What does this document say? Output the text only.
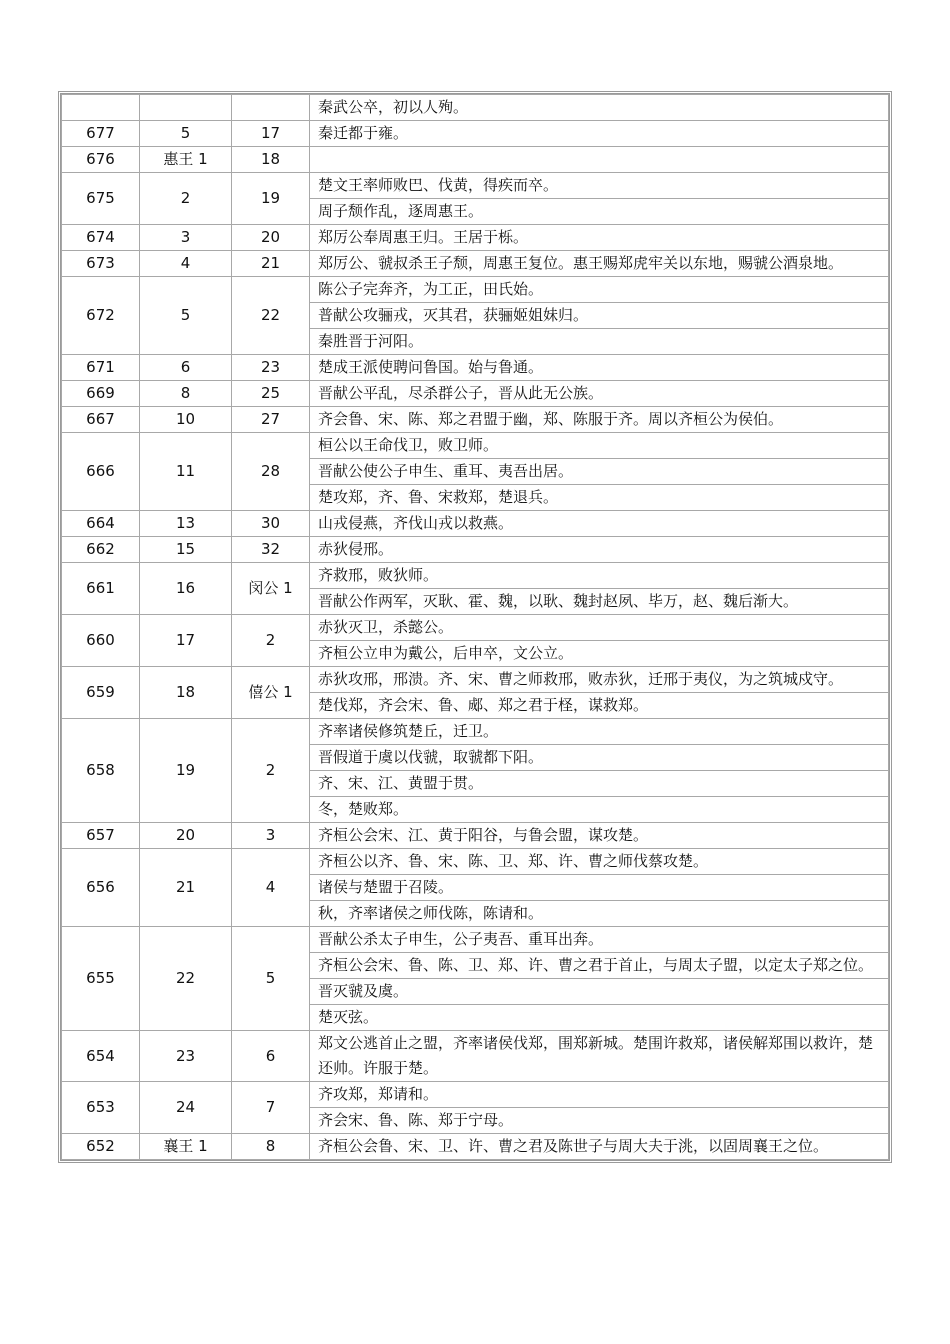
			秦武公卒，初以人殉。
677	5	17	秦迁都于雍。
676	惠王 1	18	
675	2	19	楚文王率师败巴、伐黄，得疾而卒。
			周子颓作乱，逐周惠王。
674	3	20	郑厉公奉周惠王归。王居于栎。
673	4	21	郑厉公、虢叔杀王子颓，周惠王复位。惠王赐郑虎牢关以东地，赐虢公酒泉地。
672	5	22	陈公子完奔齐，为工正，田氏始。
			普献公攻骊戎，灭其君，获骊姬姐妹归。
			秦胜晋于河阳。
671	6	23	楚成王派使聘问鲁国。始与鲁通。
669	8	25	晋献公平乱，尽杀群公子，晋从此无公族。
667	10	27	齐会鲁、宋、陈、郑之君盟于幽，郑、陈服于齐。周以齐桓公为侯伯。
666	11	28	桓公以王命伐卫，败卫师。
			晋献公使公子申生、重耳、夷吾出居。
			楚攻郑，齐、鲁、宋救郑，楚退兵。
664	13	30	山戎侵燕，齐伐山戎以救燕。
662	15	32	赤狄侵邢。
661	16	闵公 1	齐救邢，败狄师。
			晋献公作两军，灭耿、霍、魏，以耿、魏封赵夙、毕万，赵、魏后渐大。
660	17	2	赤狄灭卫，杀懿公。
			齐桓公立申为戴公，后申卒，文公立。
659	18	僖公 1	赤狄攻邢，邢溃。齐、宋、曹之师救邢，败赤狄，迁邢于夷仪，为之筑城戍守。
			楚伐郑，齐会宋、鲁、郕、郑之君于柽，谋救郑。
658	19	2	齐率诸侯修筑楚丘，迁卫。
			晋假道于虞以伐虢，取虢都下阳。
			齐、宋、江、黄盟于贯。
			冬，楚败郑。
657	20	3	齐桓公会宋、江、黄于阳谷，与鲁会盟，谋攻楚。
656	21	4	齐桓公以齐、鲁、宋、陈、卫、郑、许、曹之师伐蔡攻楚。
			诸侯与楚盟于召陵。
			秋，齐率诸侯之师伐陈，陈请和。
655	22	5	晋献公杀太子申生，公子夷吾、重耳出奔。
			齐桓公会宋、鲁、陈、卫、郑、许、曹之君于首止，与周太子盟，以定太子郑之位。
			晋灭虢及虞。
			楚灭弦。
654	23	6	郑文公逃首止之盟，齐率诸侯伐郑，围郑新城。楚围许救郑，诸侯解郑围以救许，楚还帅。许服于楚。
653	24	7	齐攻郑，郑请和。
			齐会宋、鲁、陈、郑于宁母。
652	襄王 1	8	齐桓公会鲁、宋、卫、许、曹之君及陈世子与周大夫于洮，以固周襄王之位。
